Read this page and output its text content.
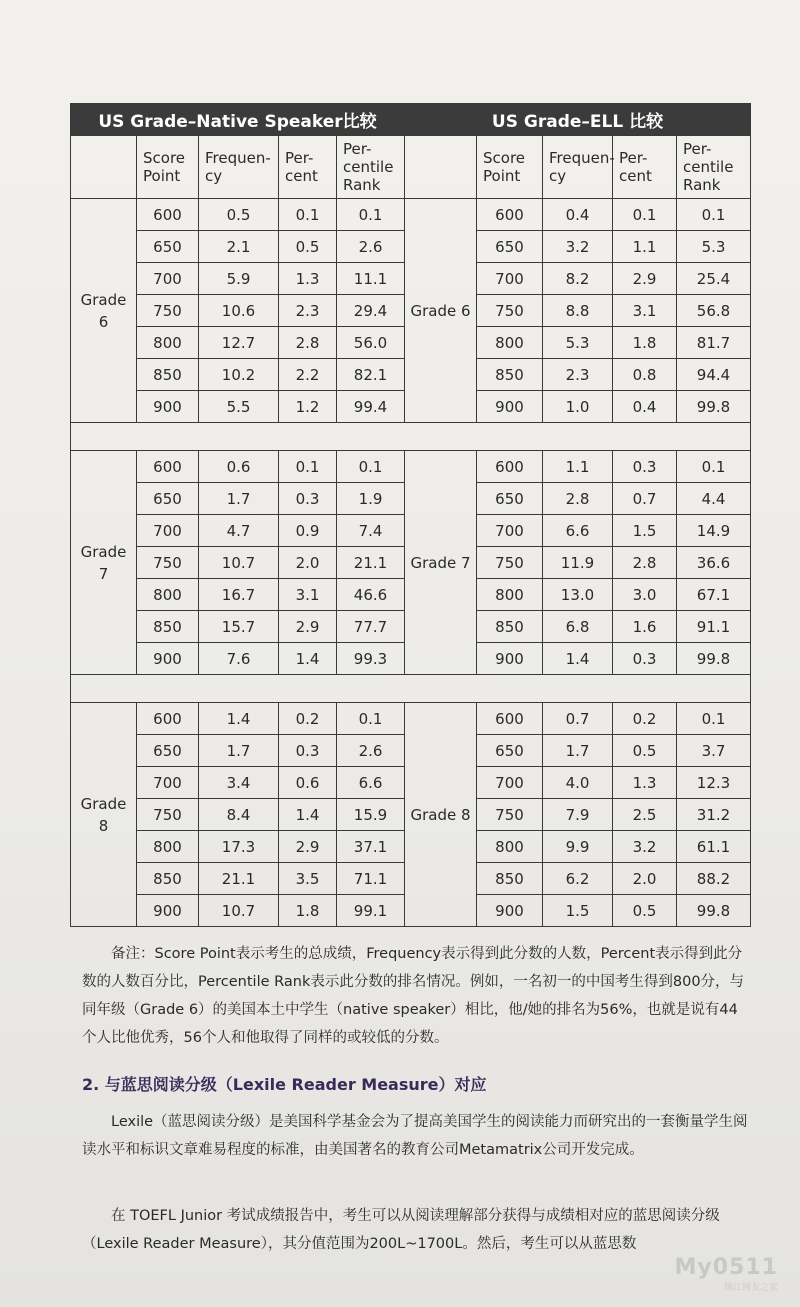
US Grade–Native Speaker比较					US Grade–ELL 比较				
	Score Point	Frequen-cy	Per-cent	Per-centile Rank		Score Point	Frequen-cy	Per-cent	Per-centile Rank
Grade 6	600	0.5	0.1	0.1	Grade 6	600	0.4	0.1	0.1
	650	2.1	0.5	2.6		650	3.2	1.1	5.3
	700	5.9	1.3	11.1		700	8.2	2.9	25.4
	750	10.6	2.3	29.4		750	8.8	3.1	56.8
	800	12.7	2.8	56.0		800	5.3	1.8	81.7
	850	10.2	2.2	82.1		850	2.3	0.8	94.4
	900	5.5	1.2	99.4		900	1.0	0.4	99.8

Grade 7	600	0.6	0.1	0.1	Grade 7	600	1.1	0.3	0.1
	650	1.7	0.3	1.9		650	2.8	0.7	4.4
	700	4.7	0.9	7.4		700	6.6	1.5	14.9
	750	10.7	2.0	21.1		750	11.9	2.8	36.6
	800	16.7	3.1	46.6		800	13.0	3.0	67.1
	850	15.7	2.9	77.7		850	6.8	1.6	91.1
	900	7.6	1.4	99.3		900	1.4	0.3	99.8

Grade 8	600	1.4	0.2	0.1	Grade 8	600	0.7	0.2	0.1
	650	1.7	0.3	2.6		650	1.7	0.5	3.7
	700	3.4	0.6	6.6		700	4.0	1.3	12.3
	750	8.4	1.4	15.9		750	7.9	2.5	31.2
	800	17.3	2.9	37.1		800	9.9	3.2	61.1
	850	21.1	3.5	71.1		850	6.2	2.0	88.2
	900	10.7	1.8	99.1		900	1.5	0.5	99.8

备注：Score Point表示考生的总成绩，Frequency表示得到此分数的人数，Percent表示得到此分数的人数百分比，Percentile Rank表示此分数的排名情况。例如，一名初一的中国考生得到800分，与同年级（Grade 6）的美国本土中学生（native speaker）相比，他/她的排名为56%，也就是说有44个人比他优秀，56个人和他取得了同样的或较低的分数。

2. 与蓝思阅读分级（Lexile Reader Measure）对应

Lexile（蓝思阅读分级）是美国科学基金会为了提高美国学生的阅读能力而研究出的一套衡量学生阅读水平和标识文章难易程度的标准，由美国著名的教育公司Metamatrix公司开发完成。

在 TOEFL Junior 考试成绩报告中，考生可以从阅读理解部分获得与成绩相对应的蓝思阅读分级（Lexile Reader Measure），其分值范围为200L~1700L。然后，考生可以从蓝思数

My0511
镇江网友之家
